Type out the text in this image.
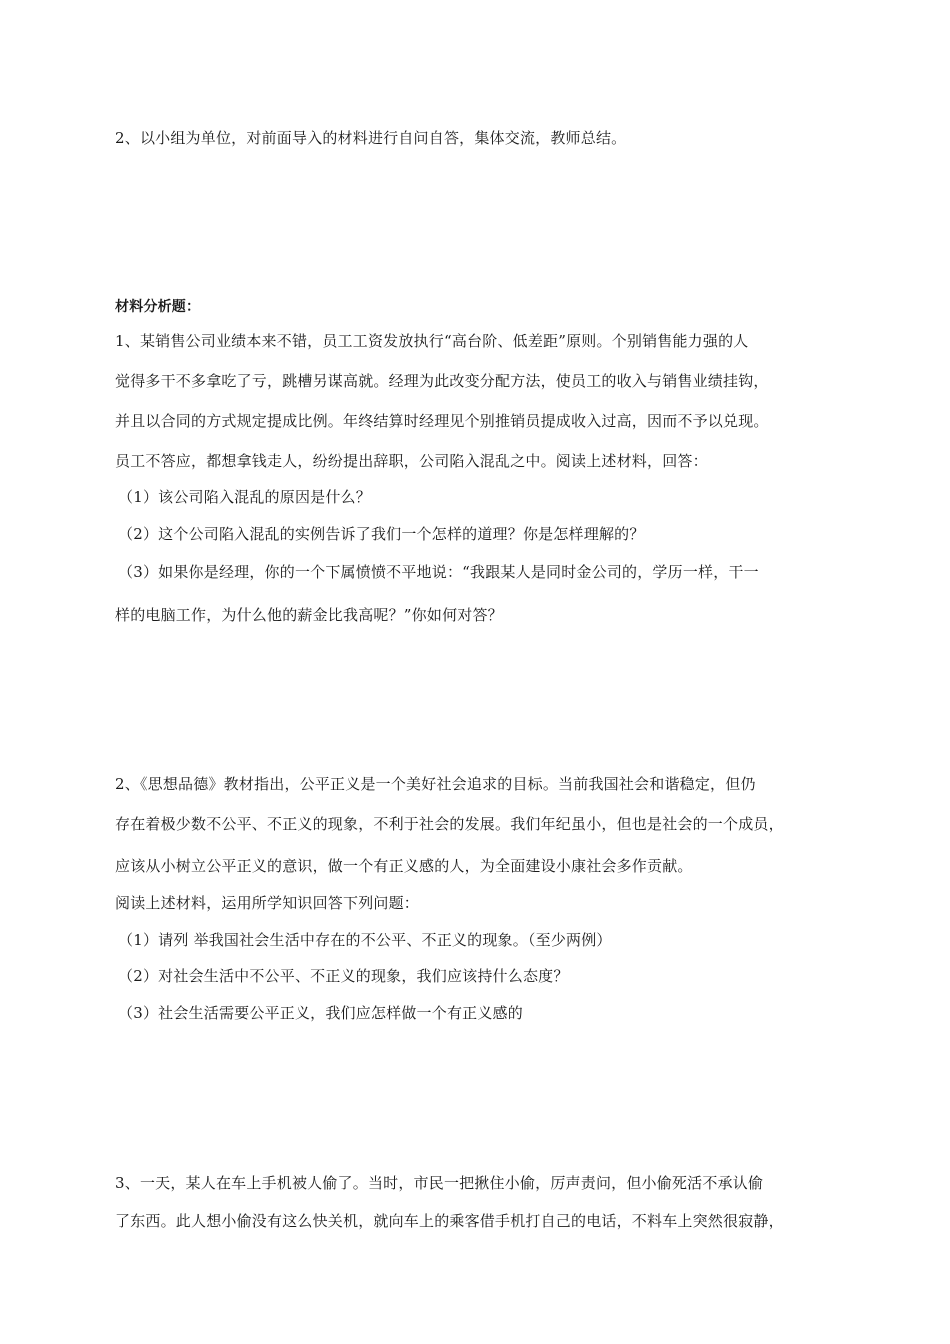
2、以小组为单位，对前面导入的材料进行自问自答，集体交流，教师总结。
材料分析题：
1、某销售公司业绩本来不错，员工工资发放执行“高台阶、低差距”原则。个别销售能力强的人
觉得多干不多拿吃了亏，跳槽另谋高就。经理为此改变分配方法，使员工的收入与销售业绩挂钩，
并且以合同的方式规定提成比例。年终结算时经理见个别推销员提成收入过高，因而不予以兑现。
员工不答应，都想拿钱走人，纷纷提出辞职，公司陷入混乱之中。阅读上述材料，回答：
（1）该公司陷入混乱的原因是什么？
（2）这个公司陷入混乱的实例告诉了我们一个怎样的道理？你是怎样理解的？
（3）如果你是经理，你的一个下属愤愤不平地说：“我跟某人是同时金公司的，学历一样，干一
样的电脑工作，为什么他的薪金比我高呢？”你如何对答？
2、《思想品德》教材指出，公平正义是一个美好社会追求的目标。当前我国社会和谐稳定，但仍
存在着极少数不公平、不正义的现象，不利于社会的发展。我们年纪虽小，但也是社会的一个成员，
应该从小树立公平正义的意识，做一个有正义感的人，为全面建设小康社会多作贡献。
阅读上述材料，运用所学知识回答下列问题：
（1）请列 举我国社会生活中存在的不公平、不正义的现象。（至少两例）
（2）对社会生活中不公平、不正义的现象，我们应该持什么态度？
（3）社会生活需要公平正义，我们应怎样做一个有正义感的
3、一天，某人在车上手机被人偷了。当时，市民一把揪住小偷，厉声责问，但小偷死活不承认偷
了东西。此人想小偷没有这么快关机，就向车上的乘客借手机打自己的电话，不料车上突然很寂静，
